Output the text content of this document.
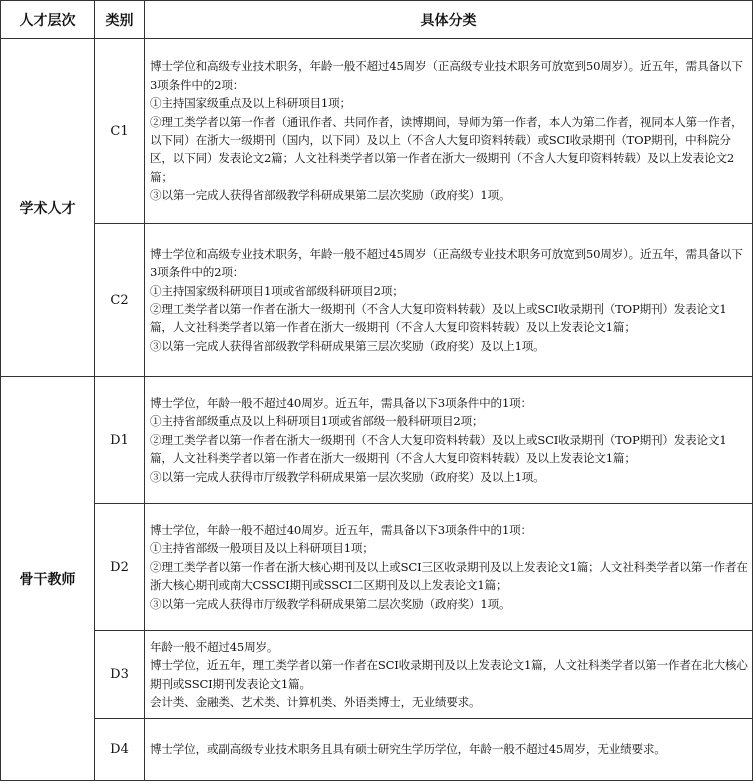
人才层次	类别	具体分类
学术人才	C1	博士学位和高级专业技术职务，年龄一般不超过45周岁（正高级专业技术职务可放宽到50周岁）。近五年，需具备以下3项条件中的2项：
①主持国家级重点及以上科研项目1项；
②理工类学者以第一作者（通讯作者、共同作者，读博期间，导师为第一作者，本人为第二作者，视同本人第一作者，以下同）在浙大一级期刊（国内，以下同）及以上（不含人大复印资料转载）或SCI收录期刊（TOP期刊，中科院分区，以下同）发表论文2篇；人文社科类学者以第一作者在浙大一级期刊（不含人大复印资料转载）及以上发表论文2篇；
③以第一完成人获得省部级教学科研成果第二层次奖励（政府奖）1项。

	C2	博士学位和高级专业技术职务，年龄一般不超过45周岁（正高级专业技术职务可放宽到50周岁）。近五年，需具备以下3项条件中的2项：
①主持国家级科研项目1项或省部级科研项目2项；
②理工类学者以第一作者在浙大一级期刊（不含人大复印资料转载）及以上或SCI收录期刊（TOP期刊）发表论文1篇，人文社科类学者以第一作者在浙大一级期刊（不含人大复印资料转载）及以上发表论文1篇；
③以第一完成人获得省部级教学科研成果第三层次奖励（政府奖）及以上1项。

骨干教师	D1	博士学位，年龄一般不超过40周岁。近五年，需具备以下3项条件中的1项：
①主持省部级重点及以上科研项目1项或省部级一般科研项目2项；
②理工类学者以第一作者在浙大一级期刊（不含人大复印资料转载）及以上或SCI收录期刊（TOP期刊）发表论文1篇，人文社科类学者以第一作者在浙大一级期刊（不含人大复印资料转载）及以上发表论文1篇；
③以第一完成人获得市厅级教学科研成果第一层次奖励（政府奖）及以上1项。

	D2	博士学位，年龄一般不超过40周岁。近五年，需具备以下3项条件中的1项：
①主持省部级一般项目及以上科研项目1项；
②理工类学者以第一作者在浙大核心期刊及以上或SCI三区收录期刊及以上发表论文1篇；人文社科类学者以第一作者在浙大核心期刊或南大CSSCI期刊或SSCI二区期刊及以上发表论文1篇；
③以第一完成人获得市厅级教学科研成果第二层次奖励（政府奖）1项。

	D3	年龄一般不超过45周岁。
博士学位，近五年，理工类学者以第一作者在SCI收录期刊及以上发表论文1篇，人文社科类学者以第一作者在北大核心期刊或SSCI期刊发表论文1篇。
会计类、金融类、艺术类、计算机类、外语类博士，无业绩要求。

	D4	博士学位，或副高级专业技术职务且具有硕士研究生学历学位，年龄一般不超过45周岁，无业绩要求。
